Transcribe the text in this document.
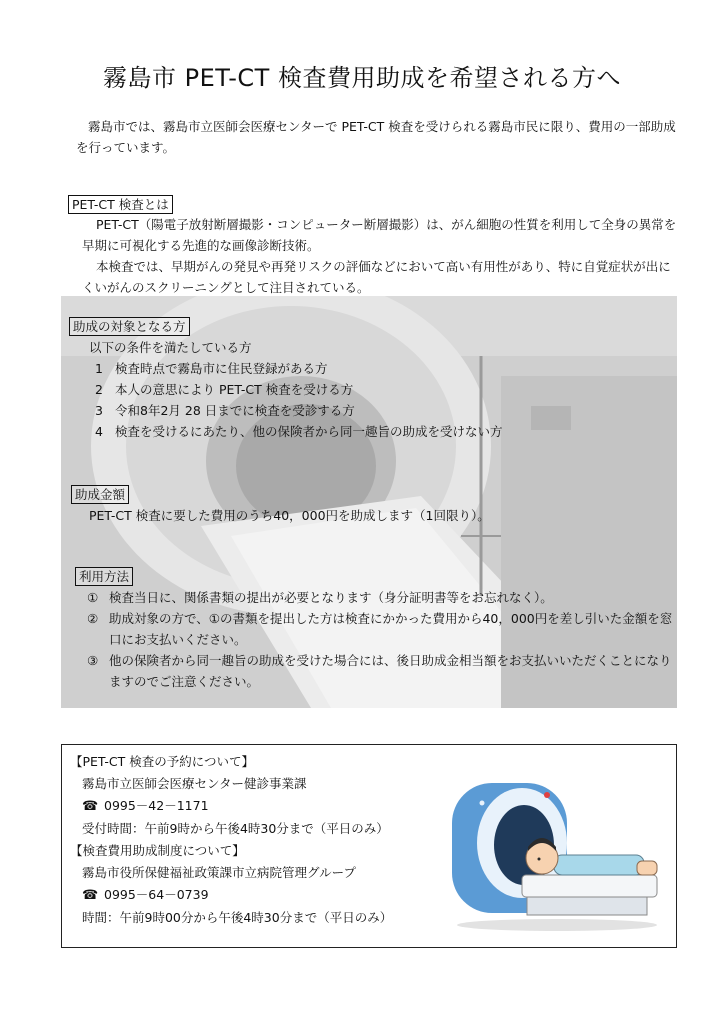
霧島市 PET-CT 検査費用助成を希望される方へ

霧島市では、霧島市立医師会医療センターで PET-CT 検査を受けられる霧島市民に限り、費用の一部助成を行っています。

PET-CT 検査とは

PET-CT（陽電子放射断層撮影・コンピューター断層撮影）は、がん細胞の性質を利用して全身の異常を早期に可視化する先進的な画像診断技術。

本検査では、早期がんの発見や再発リスクの評価などにおいて高い有用性があり、特に自覚症状が出にくいがんのスクリーニングとして注目されている。

助成の対象となる方

以下の条件を満たしている方

1 検査時点で霧島市に住民登録がある方
2 本人の意思により PET-CT 検査を受ける方
3 令和8年2月 28 日までに検査を受診する方
4 検査を受けるにあたり、他の保険者から同一趣旨の助成を受けない方
助成金額

PET-CT 検査に要した費用のうち40，000円を助成します（1回限り）。

利用方法
① 検査当日に、関係書類の提出が必要となります（身分証明書等をお忘れなく）。
② 助成対象の方で、①の書類を提出した方は検査にかかった費用から40，000円を差し引いた金額を窓口にお支払いください。
③ 他の保険者から同一趣旨の助成を受けた場合には、後日助成金相当額をお支払いいただくことになりますのでご注意ください。

【PET-CT 検査の予約について】

霧島市立医師会医療センター健診事業課

☎ 0995－42－1171

受付時間：午前9時から午後4時30分まで（平日のみ）

【検査費用助成制度について】

霧島市役所保健福祉政策課市立病院管理グループ

☎ 0995－64－0739

時間：午前9時00分から午後4時30分まで（平日のみ）
